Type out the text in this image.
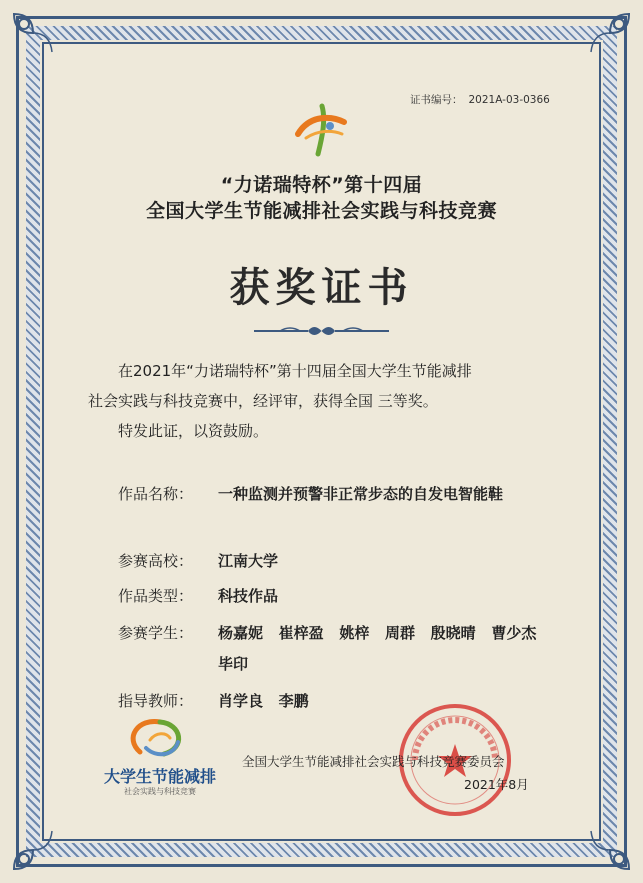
证书编号： 2021A-03-0366
“力诺瑞特杯”第十四届
全国大学生节能减排社会实践与科技竞赛
获奖证书
在2021年“力诺瑞特杯”第十四届全国大学生节能减排
社会实践与科技竞赛中，经评审，获得全国 三等奖。
特发此证，以资鼓励。
作品名称： 一种监测并预警非正常步态的自发电智能鞋
参赛高校： 江南大学
作品类型： 科技作品
参赛学生： 杨嘉妮   崔梓盈   姚梓   周群   殷晓晴   曹少杰
毕印
指导教师： 肖学良   李鹏
大学生节能减排
社会实践与科技竞赛
全国大学生节能减排社会实践与科技竞赛委员会
2021年8月
